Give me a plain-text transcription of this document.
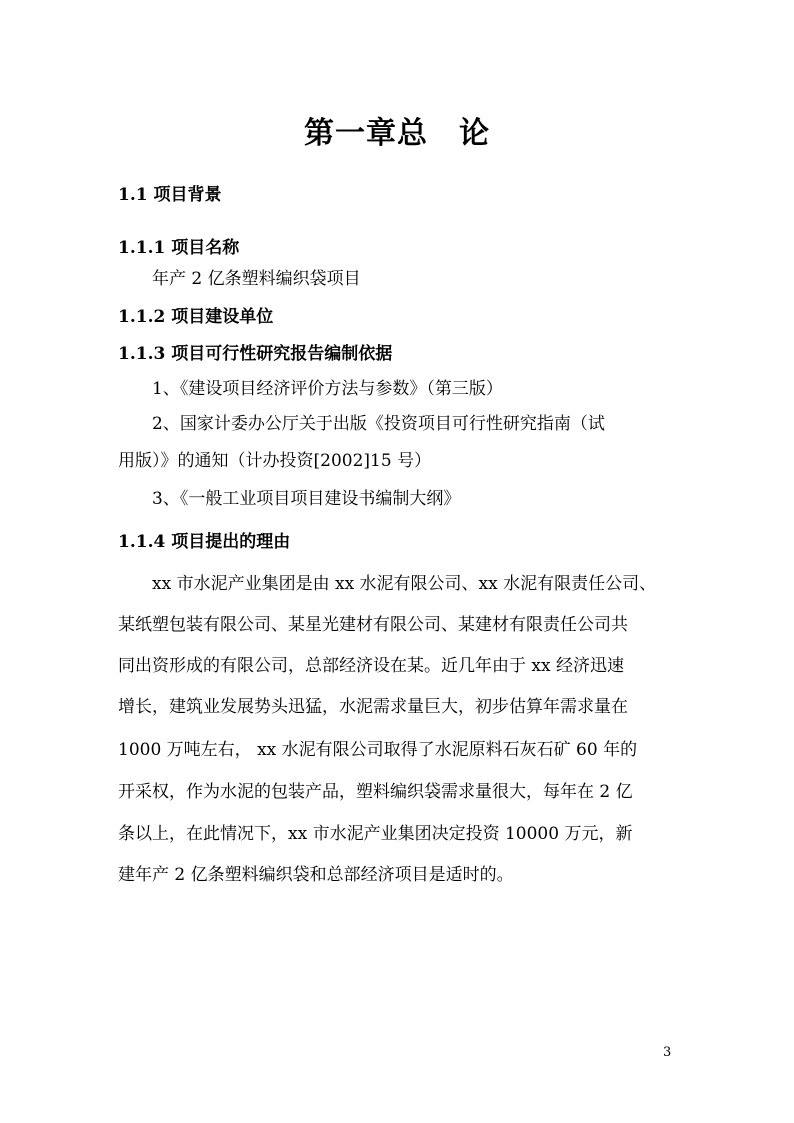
第一章总　论
1.1 项目背景
1.1.1 项目名称
年产 2 亿条塑料编织袋项目
1.1.2 项目建设单位
1.1.3 项目可行性研究报告编制依据
1、《建设项目经济评价方法与参数》（第三版）
2、国家计委办公厅关于出版《投资项目可行性研究指南（试
用版）》的通知（计办投资[2002]15 号）
3、《一般工业项目项目建设书编制大纲》
1.1.4 项目提出的理由
xx 市水泥产业集团是由 xx 水泥有限公司、xx 水泥有限责任公司、
某纸塑包装有限公司、某星光建材有限公司、某建材有限责任公司共
同出资形成的有限公司，总部经济设在某。近几年由于 xx 经济迅速
增长，建筑业发展势头迅猛，水泥需求量巨大，初步估算年需求量在
1000 万吨左右， xx 水泥有限公司取得了水泥原料石灰石矿 60 年的
开采权，作为水泥的包装产品，塑料编织袋需求量很大，每年在 2 亿
条以上，在此情况下，xx 市水泥产业集团决定投资 10000 万元，新
建年产 2 亿条塑料编织袋和总部经济项目是适时的。
3
